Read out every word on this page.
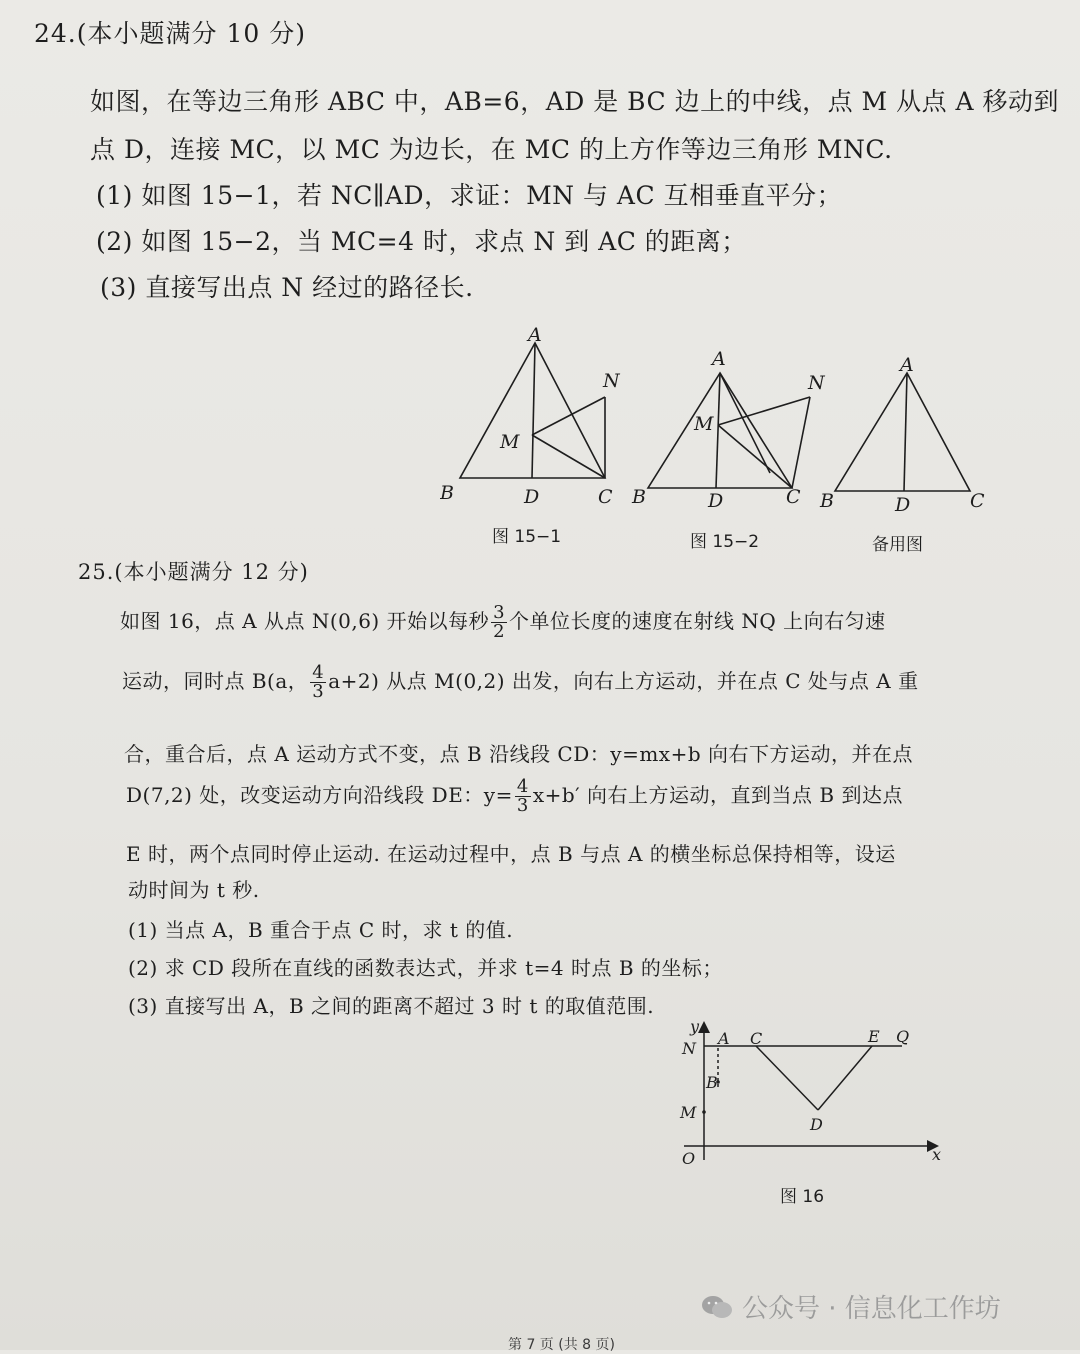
24.(本小题满分 10 分)
如图，在等边三角形 ABC 中，AB=6，AD 是 BC 边上的中线，点 M 从点 A 移动到
点 D，连接 MC，以 MC 为边长，在 MC 的上方作等边三角形 MNC.
(1) 如图 15−1，若 NC∥AD，求证：MN 与 AC 互相垂直平分；
(2) 如图 15−2，当 MC=4 时，求点 N 到 AC 的距离；
(3) 直接写出点 N 经过的路径长.
A
B	C
D
M
N
A
B	C
D
M
N
A
B	C
D
图 15−1	图 15−2	备用图
25.(本小题满分 12 分)
如图 16，点 A 从点 N(0,6) 开始以每秒 $\frac{3}{2}$ 个单位长度的速度在射线 NQ 上向右匀速
运动，同时点 B(a， $\frac{4}{3} a+2$) 从点 M(0,2) 出发，向右上方运动，并在点 C 处与点 A 重
合，重合后，点 A 运动方式不变，点 B 沿线段 CD：y=mx+b 向右下方运动，并在点
D(7,2) 处，改变运动方向沿线段 DE：$y= \frac{4}{3} x+b'$ 向右上方运动，直到当点 B 到达点
E 时，两个点同时停止运动. 在运动过程中，点 B 与点 A 的横坐标总保持相等，设运
动时间为 t 秒.
(1) 当点 A，B 重合于点 C 时，求 t 的值.
(2) 求 CD 段所在直线的函数表达式，并求 t=4 时点 B 的坐标；
(3) 直接写出 A，B 之间的距离不超过 3 时 t 的取值范围.
y
N
A C	E Q
B
M
D
O	x
图 16
公众号 · 信息化工作坊
第 7 页 (共 8 页)
